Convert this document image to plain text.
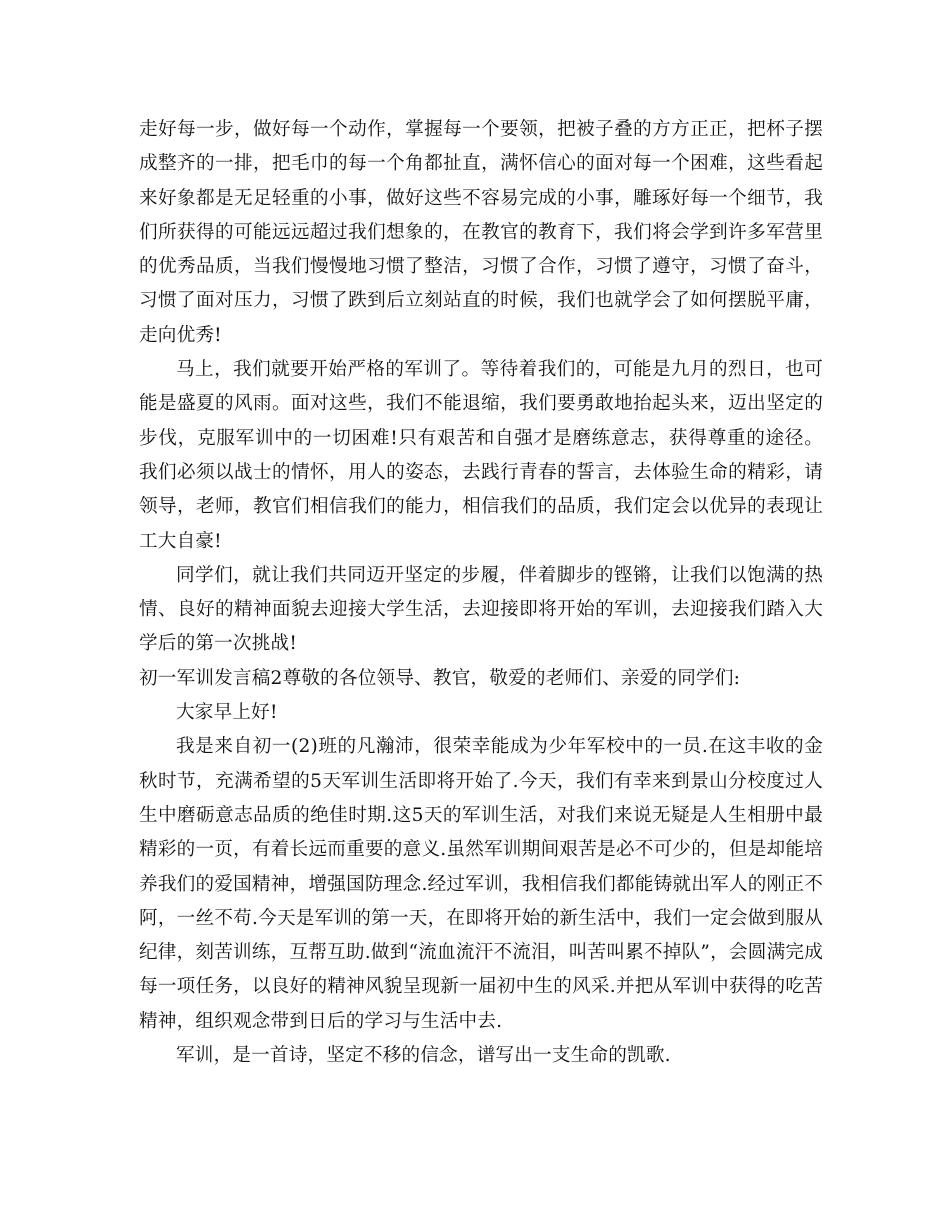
走好每一步，做好每一个动作，掌握每一个要领，把被子叠的方方正正，把杯子摆成整齐的一排，把毛巾的每一个角都扯直，满怀信心的面对每一个困难，这些看起来好象都是无足轻重的小事，做好这些不容易完成的小事，雕琢好每一个细节，我们所获得的可能远远超过我们想象的，在教官的教育下，我们将会学到许多军营里的优秀品质，当我们慢慢地习惯了整洁，习惯了合作，习惯了遵守，习惯了奋斗，习惯了面对压力，习惯了跌到后立刻站直的时候，我们也就学会了如何摆脱平庸，走向优秀!

马上，我们就要开始严格的军训了。等待着我们的，可能是九月的烈日，也可能是盛夏的风雨。面对这些，我们不能退缩，我们要勇敢地抬起头来，迈出坚定的步伐，克服军训中的一切困难!只有艰苦和自强才是磨练意志，获得尊重的途径。我们必须以战士的情怀，用人的姿态，去践行青春的誓言，去体验生命的精彩，请领导，老师，教官们相信我们的能力，相信我们的品质，我们定会以优异的表现让工大自豪!

同学们，就让我们共同迈开坚定的步履，伴着脚步的铿锵，让我们以饱满的热情、良好的精神面貌去迎接大学生活，去迎接即将开始的军训，去迎接我们踏入大学后的第一次挑战!

初一军训发言稿2尊敬的各位领导、教官，敬爱的老师们、亲爱的同学们:

大家早上好!

我是来自初一(2)班的凡瀚沛，很荣幸能成为少年军校中的一员.在这丰收的金秋时节，充满希望的5天军训生活即将开始了.今天，我们有幸来到景山分校度过人生中磨砺意志品质的绝佳时期.这5天的军训生活，对我们来说无疑是人生相册中最精彩的一页，有着长远而重要的意义.虽然军训期间艰苦是必不可少的，但是却能培养我们的爱国精神，增强国防理念.经过军训，我相信我们都能铸就出军人的刚正不阿，一丝不苟.今天是军训的第一天，在即将开始的新生活中，我们一定会做到服从纪律，刻苦训练，互帮互助.做到“流血流汗不流泪，叫苦叫累不掉队”，会圆满完成每一项任务，以良好的精神风貌呈现新一届初中生的风采.并把从军训中获得的吃苦精神，组织观念带到日后的学习与生活中去.

军训，是一首诗，坚定不移的信念，谱写出一支生命的凯歌.
